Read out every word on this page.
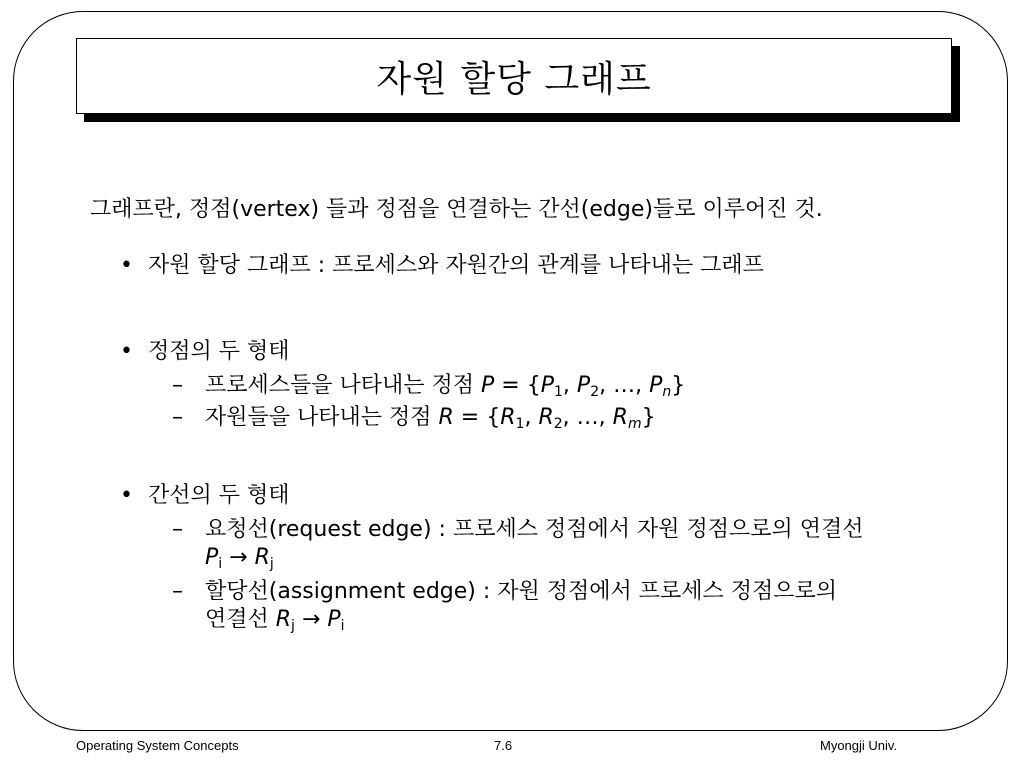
자원 할당 그래프
그래프란, 정점(vertex) 들과 정점을 연결하는 간선(edge)들로 이루어진 것.
• 자원 할당 그래프 : 프로세스와 자원간의 관계를 나타내는 그래프
• 정점의 두 형태
– 프로세스들을 나타내는 정점 $P = \{P_1$, $P_2$, …, $P_n$}
– 자원들을 나타내는 정점 $R = \{R_1$, $R_2$, …, $R_m$}
• 간선의 두 형태
– 요청선(request edge) : 프로세스 정점에서 자원 정점으로의 연결선
$P_i \to R_j$
– 할당선(assignment edge) : 자원 정점에서 프로세스 정점으로의
연결선 $R_j \to P_i$
Operating System Concepts	7.6	Myongji Univ.
